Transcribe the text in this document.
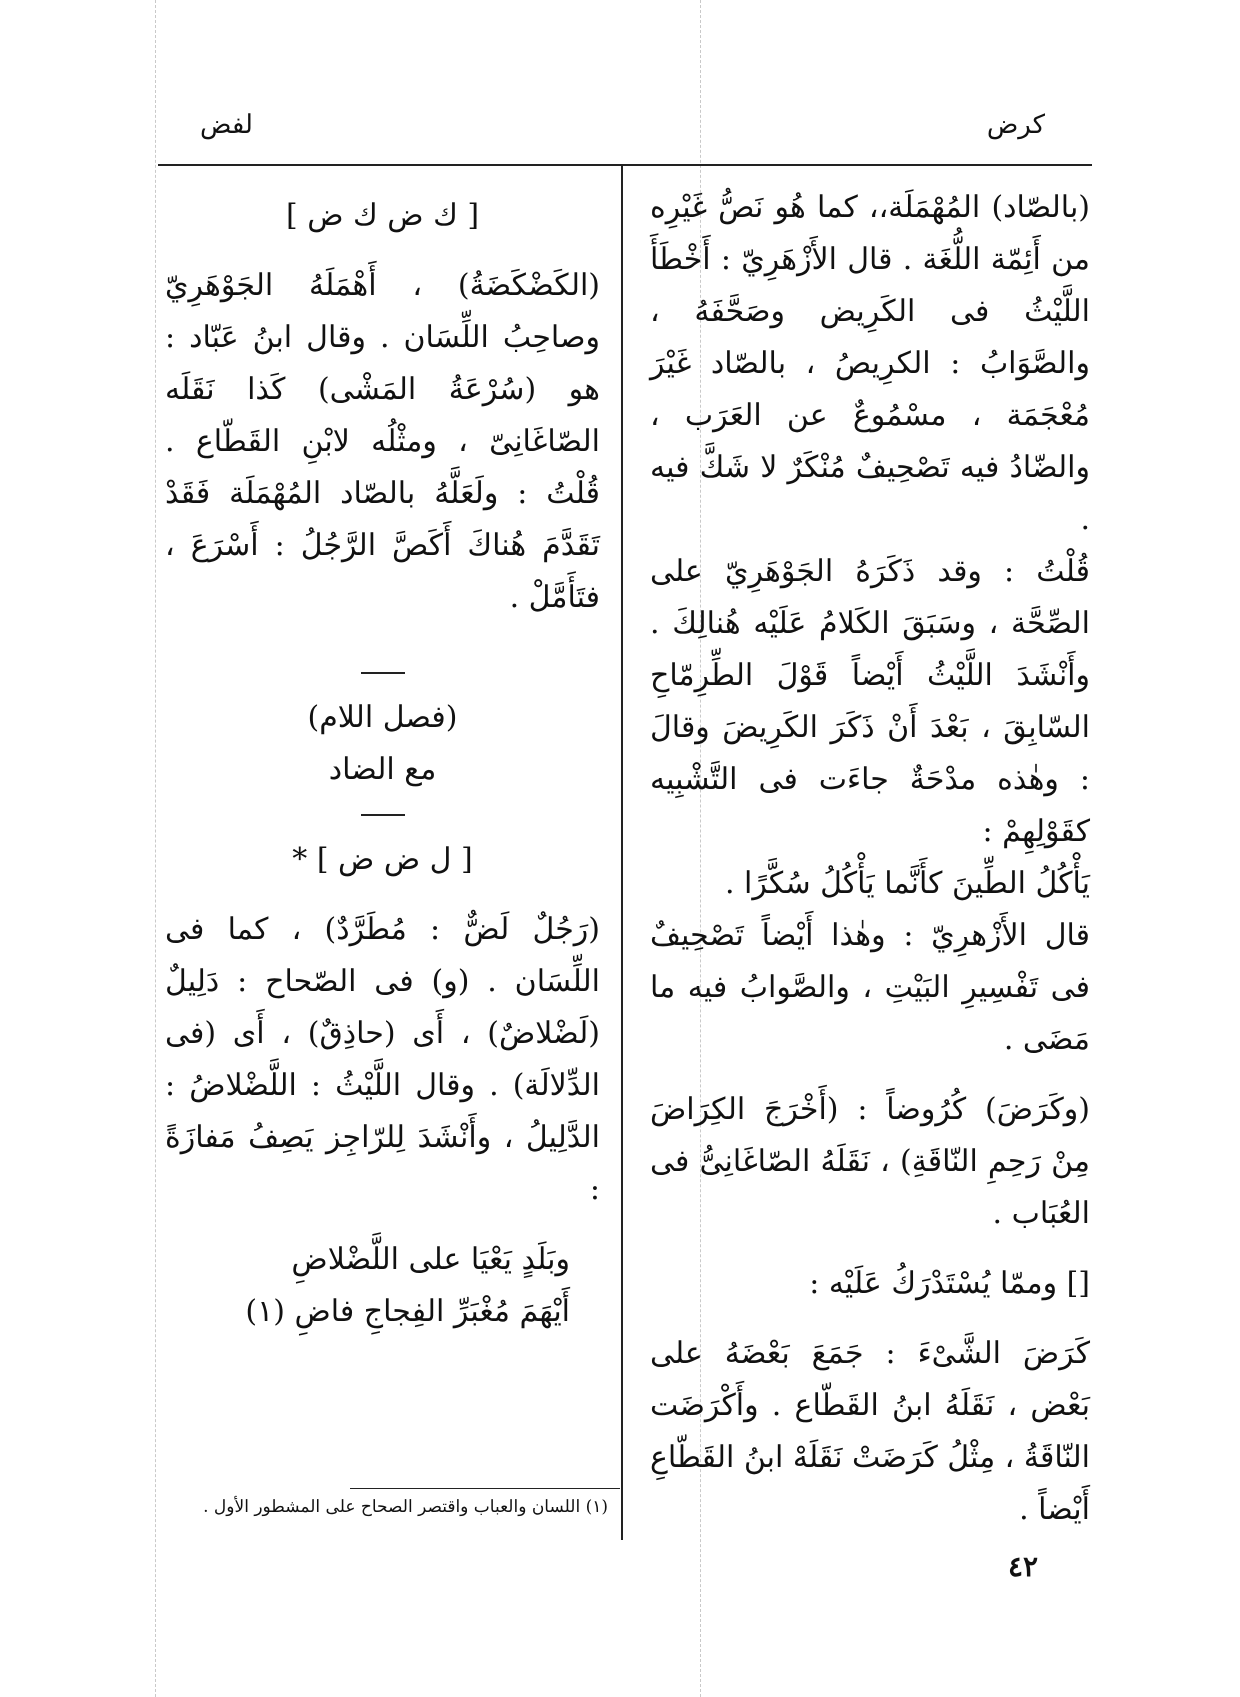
كرض
لفض

(بالصّاد) المُهْمَلَة،، كما هُو نَصُّ غَيْرِه من أَئِمّة اللُّغَة . قال الأَزْهَرِيّ : أَخْطَأَ اللَّيْثُ فى الكَرِيض وصَحَّفَهُ ، والصَّوَابُ : الكرِيصُ ، بالصّاد غَيْرَ مُعْجَمَة ، مسْمُوعٌ عن العَرَب ، والضّادُ فيه تَصْحِيفٌ مُنْكَرٌ لا شَكَّ فيه .

قُلْتُ : وقد ذَكَرَهُ الجَوْهَرِيّ على الصِّحَّة ، وسَبَقَ الكَلامُ عَلَيْه هُنالِكَ . وأَنْشَدَ اللَّيْثُ أَيْضاً قَوْلَ الطِّرِمّاحِ السّابِقَ ، بَعْدَ أَنْ ذَكَرَ الكَرِيضَ وقالَ : وهٰذه مدْحَةٌ جاءَت فى التَّشْبِيه كقَوْلِهِمْ :

يَأْكُلُ الطِّينَ كأَنَّما يَأْكُلُ سُكَّرًا .

قال الأَزْهرِيّ : وهٰذا أَيْضاً تَصْحِيفٌ فى تَفْسِيرِ البَيْتِ ، والصَّوابُ فيه ما مَضَى .

(وكَرَضَ) كُرُوضاً : (أَخْرَجَ الكِرَاضَ مِنْ رَحِمِ النّاقَةِ) ، نَقَلَهُ الصّاغَانِىُّ فى العُبَاب .

[] وممّا يُسْتَدْرَكُ عَلَيْه :

كَرَضَ الشَّىْءَ : جَمَعَ بَعْضَهُ على بَعْض ، نَقَلَهُ ابنُ القَطّاع . وأَكْرَضَت النّاقَةُ ، مِثْلُ كَرَضَتْ نَقَلَهْ ابنُ القَطّاعِ أَيْضاً .

[ ك ض ك ض ]

(الكَضْكَضَةُ) ، أَهْمَلَهُ الجَوْهَرِيّ وصاحِبُ اللِّسَان . وقال ابنُ عَبّاد : هو (سُرْعَةُ المَشْى) كَذا نَقَلَه الصّاغَانِىّ ، ومثْلُه لابْنِ القَطّاع . قُلْتُ : ولَعَلَّهُ بالصّاد المُهْمَلَة فَقَدْ تَقَدَّمَ هُناكَ أَكَصَّ الرَّجُلُ : أَسْرَعَ ، فتَأَمَّلْ .

(فصل اللام)

مع الضاد

[ ل ض ض ] *

(رَجُلٌ لَضٌّ : مُطَرَّدٌ) ، كما فى اللِّسَان . (و) فى الصّحاح : دَلِيلٌ (لَضْلاضٌ) ، أَى (حاذِقٌ) ، أَى (فى الدِّلالَة) . وقال اللَّيْثُ : اللَّضْلاضُ : الدَّلِيلُ ، وأَنْشَدَ لِلرّاجِز يَصِفُ مَفازَةً :

وبَلَدٍ يَعْيَا على اللَّضْلاضِ

أَيْهَمَ مُغْبَرِّ الفِجاجِ فاضِ (١)

(١) اللسان والعباب واقتصر الصحاح على المشطور الأول .
٤٢
